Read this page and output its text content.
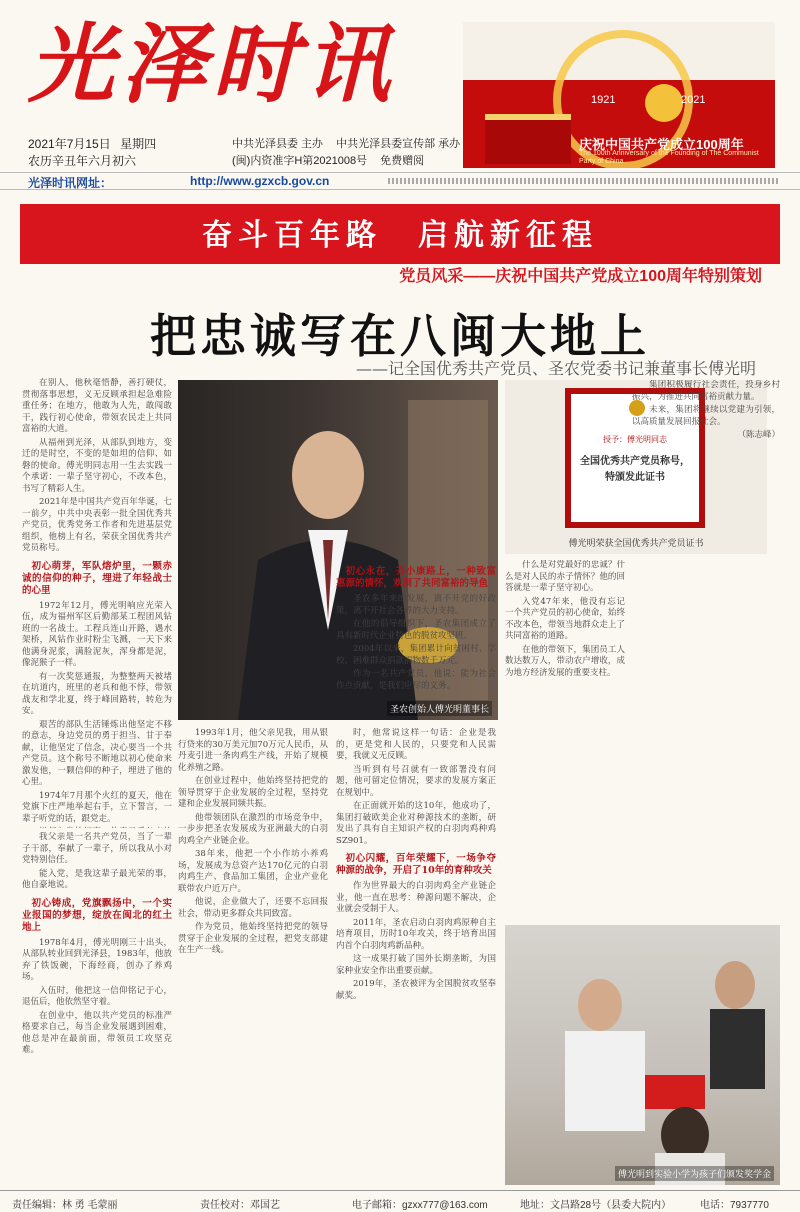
光泽时讯	1921	2021
庆祝中国共产党成立100周年
The 100th Anniversary of the Founding of The Communist Party of China
2021年7月15日 星期四
农历辛丑年六月初六
中共光泽县委 主办 中共光泽县委宣传部 承办
(闽)内资准字H第2021008号 免费赠阅
光泽时讯网址：	http://www.gzxcb.gov.cn
奋斗百年路　启航新征程
党员风采——庆祝中国共产党成立100周年特别策划
把忠诚写在八闽大地上
——记全国优秀共产党员、圣农党委书记兼董事长傅光明

在别人，他秋毫悟静，善打硬仗，贯彻落事思想，义无反顾承担起急难险重任务；在地方，他敢为人先，敢闯敢干，践行初心使命，带领农民走上共同富裕的大道。

从福州到光泽，从部队到地方，变迁的是时空，不变的是如坦的信仰、如磐的使命。傅光明同志用一生去实践一个承诺：一辈子坚守初心，不改本色，书写了精彩人生。

2021年是中国共产党百年华诞，七一前夕，中共中央表彰一批全国优秀共产党员，优秀党务工作者和先进基层党组织，他榜上有名，荣获全国优秀共产党员称号。

初心萌芽，军队熔炉里，一颗赤诚的信仰的种子，埋进了年轻战士的心里

1972年12月，傅光明响应光荣入伍，成为福州军区后勤部某工程团风钻班的一名战士。工程兵连山开路，遇水架桥，风钻作业时粉尘飞溅，一天下来他满身泥浆，满脸泥灰，浑身都是泥，像泥猴子一样。

有一次奖惩通报，为整整两天被堵在坑道内，班里的老兵和他不悖，带领战友和学北夏，终于峰回路转，转危为安。

艰苦的部队生活锤炼出他坚定不移的意志，身边党员的勇于担当、甘于奉献，让他坚定了信念，决心要当一个共产党员。这个称号不断地以初心使命来激发他，一颗信仰的种子，埋进了他的心里。

1974年7月那个火红的夏天，他在党旗下庄严地举起右手，立下誓言，一辈子听党的话，跟党走。

圣农创始人傅光明董事长

我父亲是一名共产党员，当了一辈子干部，奉献了一辈子，所以我从小对党特别信任。

能入党，是我这辈子最光荣的事，他自豪地说。

初心铸成，党旗飘扬中，一个实业报国的梦想，绽放在闽北的红土地上

1978年4月，傅光明刚三十出头，从部队转业回到光泽县，1983年，他放弃了铁饭碗，下海经商，创办了养鸡场。

入伍时，他把这一信仰铭记于心，退伍后，他依然坚守着。

在创业中，他以共产党员的标准严格要求自己，每当企业发展遇到困难，他总是冲在最前面，带领员工攻坚克难。

1993年1月，他父亲见我，用从银行贷来的30万美元加70万元人民币，从丹麦引进一条肉鸡生产线，开始了规模化养殖之路。

在创业过程中，他始终坚持把党的领导贯穿于企业发展的全过程，坚持党建和企业发展同频共振。

他带领团队在激烈的市场竞争中，一步步把圣农发展成为亚洲最大的白羽肉鸡全产业链企业。

38年来，他把一个小作坊小养鸡场，发展成为总资产达170亿元的白羽肉鸡生产、食品加工集团，企业产业化联带农户近万户。

他说，企业做大了，还要不忘回报社会，带动更多群众共同致富。

作为党员，他始终坚持把党的领导贯穿于企业发展的全过程，把党支部建在生产一线。

时，他常说这样一句话：企业是我的，更是党和人民的，只要党和人民需要，我就义无反顾。

当听到有号召就有一致部署没有问题，他可留定位情况，要求的发展方案正在规划中。

在正面就开始的这10年，他成功了，集团打破欧美企业对种源技术的垄断，研发出了具有自主知识产权的白羽肉鸡种鸡SZ901。

初心闪耀，百年荣耀下，一场争夺种源的战争，开启了10年的育种攻关

作为世界最大的白羽肉鸡全产业链企业，他一直在思考：种源问题不解决，企业就会受制于人。

2011年，圣农启动白羽肉鸡原种自主培育项目，历时10年攻关，终于培育出国内首个白羽肉鸡新品种。

这一成果打破了国外长期垄断，为国家种业安全作出重要贡献。

2019年，圣农被评为全国脱贫攻坚奉献奖。

授予：傅光明同志
全国优秀共产党员称号，
特颁发此证书
傅光明荣获全国优秀共产党员证书
初心永在，齐小康路上，一种致富惠源的情怀，欢洞了共同富裕的导鱼

圣农多年来的发展，离不开党的好政策，离不开社会各界的大力支持。

在他的倡导组织下，圣农集团成立了具有新时代企业特色的脱贫攻坚班。

2004年以来，集团累计向贫困村、学校、困难群众捐款捐物数千万元。

作为一名共产党员，他说：能为社会作点贡献，是我们应尽的义务。

什么是对党最好的忠诚？什么是对人民的赤子情怀？他的回答就是一辈子坚守初心。

入党47年来，他没有忘记一个共产党员的初心使命，始终不改本色，带领当地群众走上了共同富裕的道路。

在他的带领下，集团员工人数达数万人，带动农户增收，成为地方经济发展的重要支柱。

集团积极履行社会责任，投身乡村振兴，为推进共同富裕贡献力量。

未来，集团将继续以党建为引领，以高质量发展回报社会。

（陈志峰）

傅光明到实验小学为孩子们颁发奖学金
责任编辑：林 勇 毛蒙丽	责任校对：邓国艺	电子邮箱：gzxx777@163.com	地址：文昌路28号（县委大院内）	电话：7937770
